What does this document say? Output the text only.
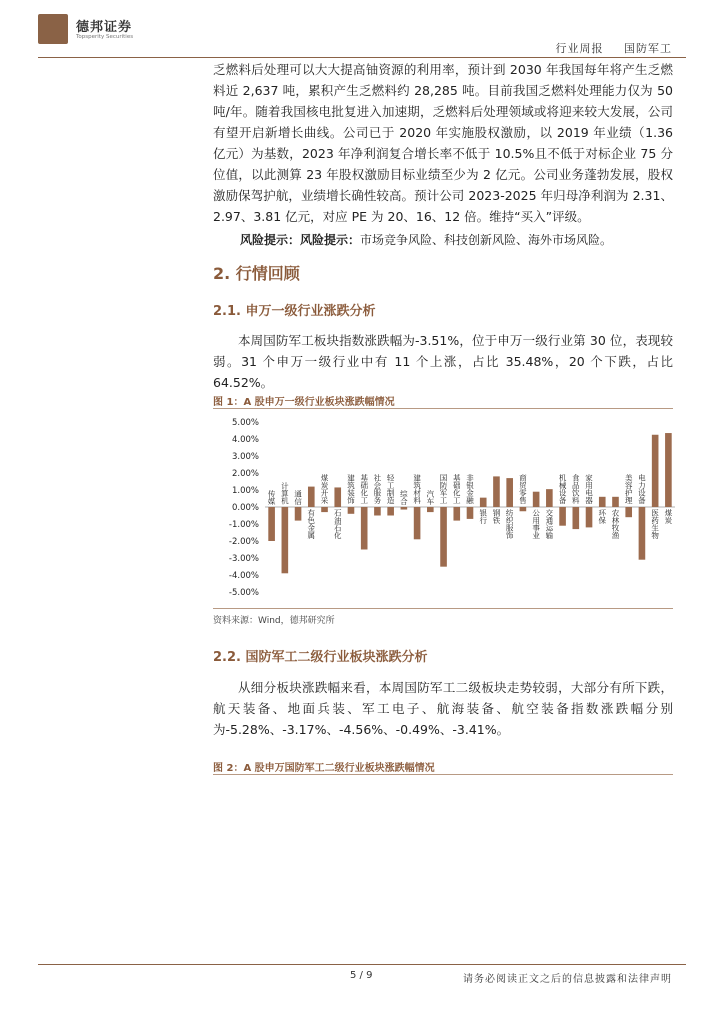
德邦证券
Topsperity Securities
行业周报 国防军工
乏燃料后处理可以大大提高铀资源的利用率，预计到 2030 年我国每年将产生乏燃料近 2,637 吨，累积产生乏燃料约 28,285 吨。目前我国乏燃料处理能力仅为 50 吨/年。随着我国核电批复进入加速期，乏燃料后处理领域或将迎来较大发展，公司有望开启新增长曲线。公司已于 2020 年实施股权激励，以 2019 年业绩（1.36 亿元）为基数，2023 年净利润复合增长率不低于 10.5%且不低于对标企业 75 分位值，以此测算 23 年股权激励目标业绩至少为 2 亿元。公司业务蓬勃发展，股权激励保驾护航，业绩增长确性较高。预计公司 2023-2025 年归母净利润为 2.31、2.97、3.81 亿元，对应 PE 为 20、16、12 倍。维持“买入”评级。
风险提示：风险提示：市场竞争风险、科技创新风险、海外市场风险。
2. 行情回顾
2.1. 申万一级行业涨跌分析
本周国防军工板块指数涨跌幅为-3.51%，位于申万一级行业第 30 位，表现较弱。31 个申万一级行业中有 11 个上涨，占比 35.48%，20 个下跌，占比 64.52%。
图 1：A 股申万一级行业板块涨跌幅情况
5.00%
4.00%
3.00%
2.00%
1.00%
0.00%
-1.00%
-2.00%
-3.00%
-4.00%
-5.00%
传媒 计算机 通信
有色金属
煤炭开采
石油石化
建筑装饰 基础化工 社会服务 轻工制造 综合 建筑材料 汽车 国防军工 基础化工 非银金融
银行 钢铁 纺织服饰
商贸零售
公用事业 交通运输
机械设备 食品饮料 家用电器
环保 农林牧渔
美容护理 电力设备
医药生物 煤炭
资料来源：Wind，德邦研究所
2.2. 国防军工二级行业板块涨跌分析
从细分板块涨跌幅来看，本周国防军工二级板块走势较弱，大部分有所下跌，航天装备、地面兵装、军工电子、航海装备、航空装备指数涨跌幅分别为-5.28%、-3.17%、-4.56%、-0.49%、-3.41%。
图 2：A 股申万国防军工二级行业板块涨跌幅情况
5 / 9	请务必阅读正文之后的信息披露和法律声明
